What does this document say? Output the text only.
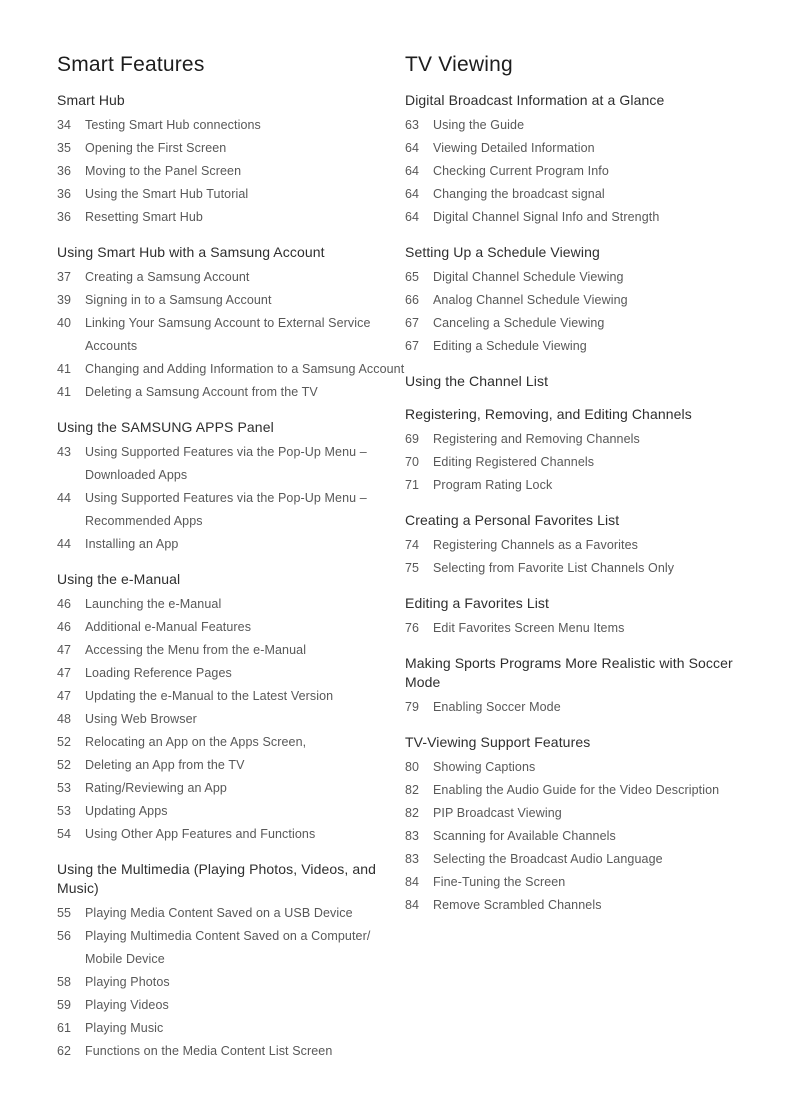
Smart Features
Smart Hub
34	Testing Smart Hub connections
35	Opening the First Screen
36	Moving to the Panel Screen
36	Using the Smart Hub Tutorial
36	Resetting Smart Hub
Using Smart Hub with a Samsung Account
37	Creating a Samsung Account
39	Signing in to a Samsung Account
40	Linking Your Samsung Account to External Service Accounts
41	Changing and Adding Information to a Samsung Account
41	Deleting a Samsung Account from the TV
Using the SAMSUNG APPS Panel
43	Using Supported Features via the Pop-Up Menu – Downloaded Apps
44	Using Supported Features via the Pop-Up Menu – Recommended Apps
44	Installing an App
Using the e-Manual
46	Launching the e-Manual
46	Additional e-Manual Features
47	Accessing the Menu from the e-Manual
47	Loading Reference Pages
47	Updating the e-Manual to the Latest Version
48	Using Web Browser
52	Relocating an App on the Apps Screen,
52	Deleting an App from the TV
53	Rating/Reviewing an App
53	Updating Apps
54	Using Other App Features and Functions
Using the Multimedia (Playing Photos, Videos, and Music)
55	Playing Media Content Saved on a USB Device
56	Playing Multimedia Content Saved on a Computer/ Mobile Device
58	Playing Photos
59	Playing Videos
61	Playing Music
62	Functions on the Media Content List Screen
TV Viewing
Digital Broadcast Information at a Glance
63	Using the Guide
64	Viewing Detailed Information
64	Checking Current Program Info
64	Changing the broadcast signal
64	Digital Channel Signal Info and Strength
Setting Up a Schedule Viewing
65	Digital Channel Schedule Viewing
66	Analog Channel Schedule Viewing
67	Canceling a Schedule Viewing
67	Editing a Schedule Viewing
Using the Channel List
Registering, Removing, and Editing Channels
69	Registering and Removing Channels
70	Editing Registered Channels
71	Program Rating Lock
Creating a Personal Favorites List
74	Registering Channels as a Favorites
75	Selecting from Favorite List Channels Only
Editing a Favorites List
76	Edit Favorites Screen Menu Items
Making Sports Programs More Realistic with Soccer Mode
79	Enabling Soccer Mode
TV-Viewing Support Features
80	Showing Captions
82	Enabling the Audio Guide for the Video Description
82	PIP Broadcast Viewing
83	Scanning for Available Channels
83	Selecting the Broadcast Audio Language
84	Fine-Tuning the Screen
84	Remove Scrambled Channels
